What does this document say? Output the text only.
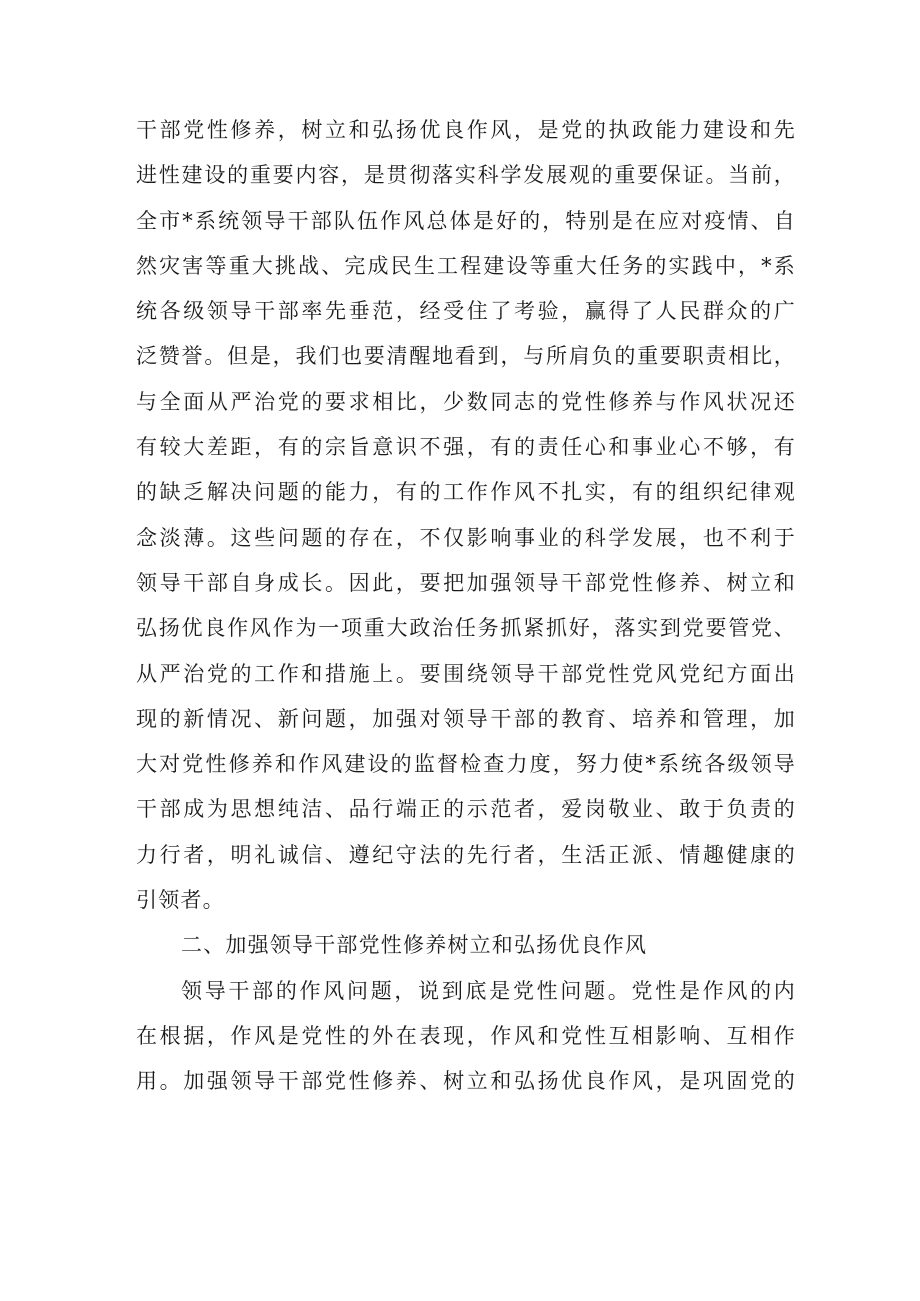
干部党性修养，树立和弘扬优良作风，是党的执政能力建设和先
进性建设的重要内容，是贯彻落实科学发展观的重要保证。当前，
全市*系统领导干部队伍作风总体是好的，特别是在应对疫情、自
然灾害等重大挑战、完成民生工程建设等重大任务的实践中，*系
统各级领导干部率先垂范，经受住了考验，赢得了人民群众的广
泛赞誉。但是，我们也要清醒地看到，与所肩负的重要职责相比，
与全面从严治党的要求相比，少数同志的党性修养与作风状况还
有较大差距，有的宗旨意识不强，有的责任心和事业心不够，有
的缺乏解决问题的能力，有的工作作风不扎实，有的组织纪律观
念淡薄。这些问题的存在，不仅影响事业的科学发展，也不利于
领导干部自身成长。因此，要把加强领导干部党性修养、树立和
弘扬优良作风作为一项重大政治任务抓紧抓好，落实到党要管党、
从严治党的工作和措施上。要围绕领导干部党性党风党纪方面出
现的新情况、新问题，加强对领导干部的教育、培养和管理，加
大对党性修养和作风建设的监督检查力度，努力使*系统各级领导
干部成为思想纯洁、品行端正的示范者，爱岗敬业、敢于负责的
力行者，明礼诚信、遵纪守法的先行者，生活正派、情趣健康的
引领者。
二、加强领导干部党性修养树立和弘扬优良作风
领导干部的作风问题，说到底是党性问题。党性是作风的内
在根据，作风是党性的外在表现，作风和党性互相影响、互相作
用。加强领导干部党性修养、树立和弘扬优良作风，是巩固党的
